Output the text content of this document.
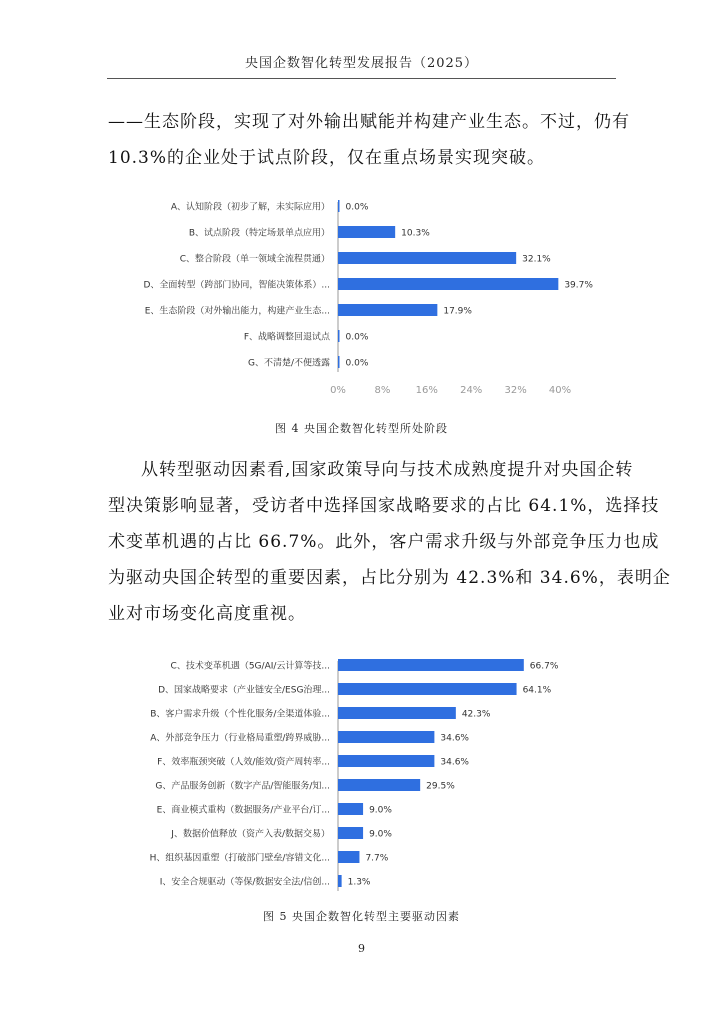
央国企数智化转型发展报告（2025）

——生态阶段，实现了对外输出赋能并构建产业生态。不过，仍有
10.3%的企业处于试点阶段，仅在重点场景实现突破。

A、认知阶段（初步了解，未实际应用） 0.0%
B、试点阶段（特定场景单点应用）	10.3%
C、整合阶段（单一领域全流程贯通）	32.1%
D、全面转型（跨部门协同，智能决策体系）...	39.7%
E、生态阶段（对外输出能力，构建产业生态...	17.9%
F、战略调整回退试点 0.0%
G、不清楚/不便透露 0.0%
0%	8%	16% 24% 32% 40%
图 4 央国企数智化转型所处阶段

从转型驱动因素看,国家政策导向与技术成熟度提升对央国企转
型决策影响显著，受访者中选择国家战略要求的占比 64.1%，选择技
术变革机遇的占比 66.7%。此外，客户需求升级与外部竞争压力也成
为驱动央国企转型的重要因素，占比分别为 42.3%和 34.6%，表明企
业对市场变化高度重视。

C、技术变革机遇（5G/AI/云计算等技...	66.7%
D、国家战略要求（产业链安全/ESG治理...	64.1%
B、客户需求升级（个性化服务/全渠道体验...	42.3%
A、外部竞争压力（行业格局重塑/跨界威胁...	34.6%
F、效率瓶颈突破（人效/能效/资产周转率...	34.6%
G、产品服务创新（数字产品/智能服务/知...	29.5%
E、商业模式重构（数据服务/产业平台/订...	9.0%
J、数据价值释放（资产入表/数据交易）	9.0%
H、组织基因重塑（打破部门壁垒/容错文化...	7.7%
I、安全合规驱动（等保/数据安全法/信创... 1.3%
图 5 央国企数智化转型主要驱动因素
9
